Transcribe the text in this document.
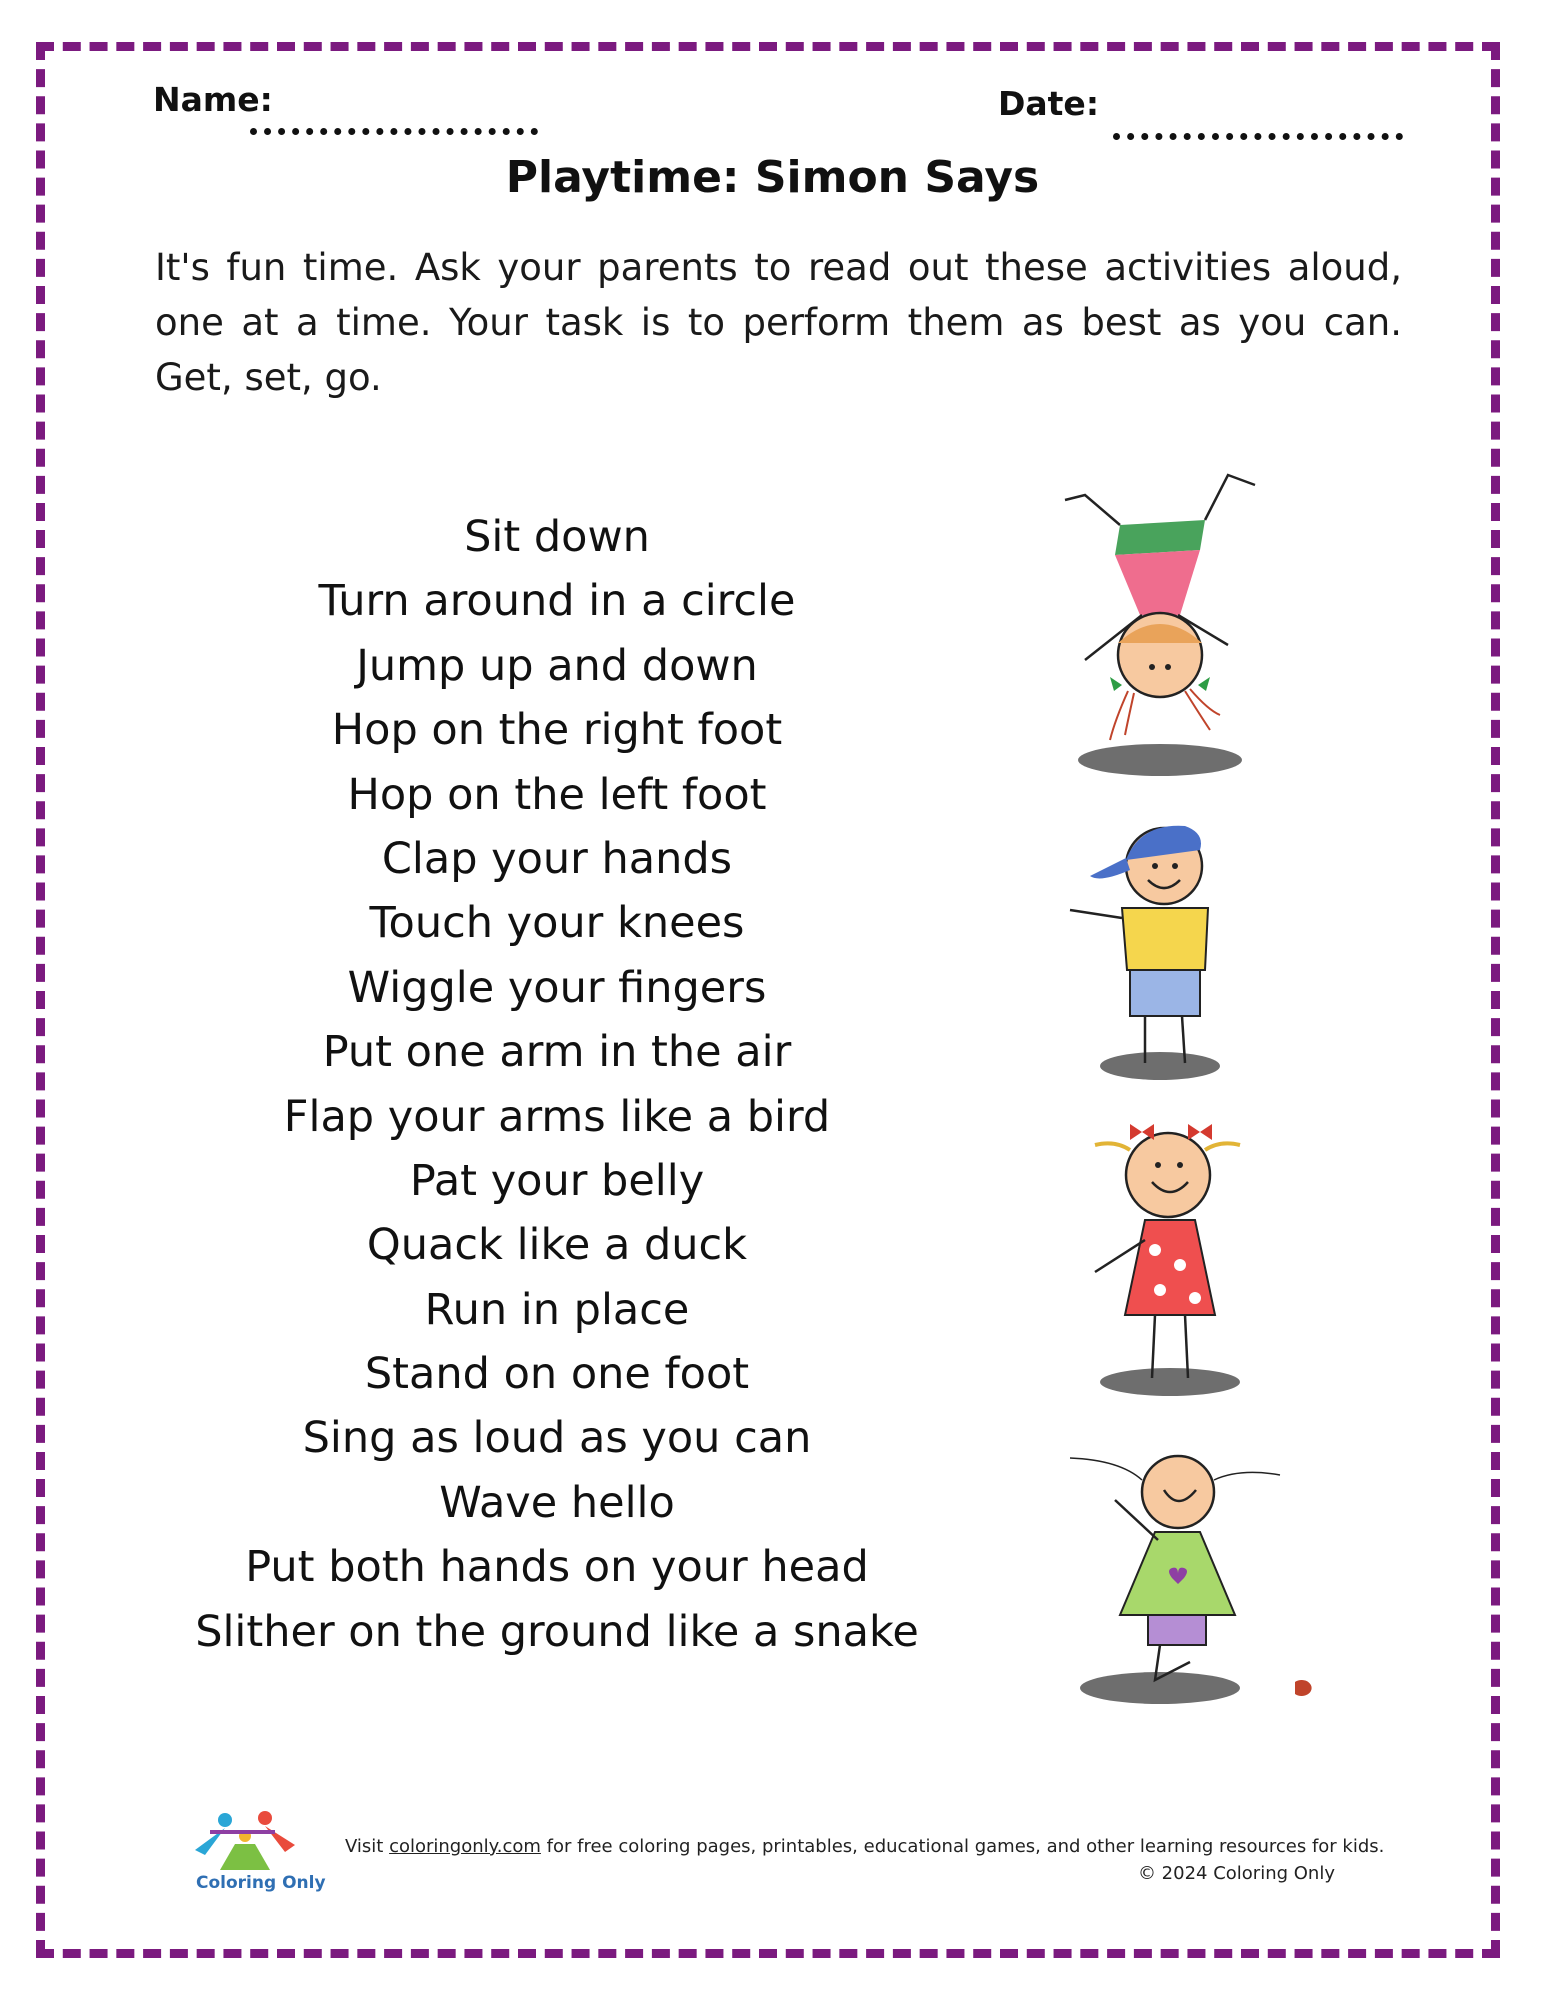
Name:	Date:
Playtime: Simon Says
It's fun time. Ask your parents to read out these activities aloud, one at a time. Your task is to perform them as best as you can. Get, set, go.
Sit down
Turn around in a circle
Jump up and down
Hop on the right foot
Hop on the left foot
Clap your hands
Touch your knees
Wiggle your fingers
Put one arm in the air
Flap your arms like a bird
Pat your belly
Quack like a duck
Run in place
Stand on one foot
Sing as loud as you can
Wave hello
Put both hands on your head
Slither on the ground like a snake
Coloring Only
Visit coloringonly.com for free coloring pages, printables, educational games, and other learning resources for kids.
© 2024 Coloring Only
